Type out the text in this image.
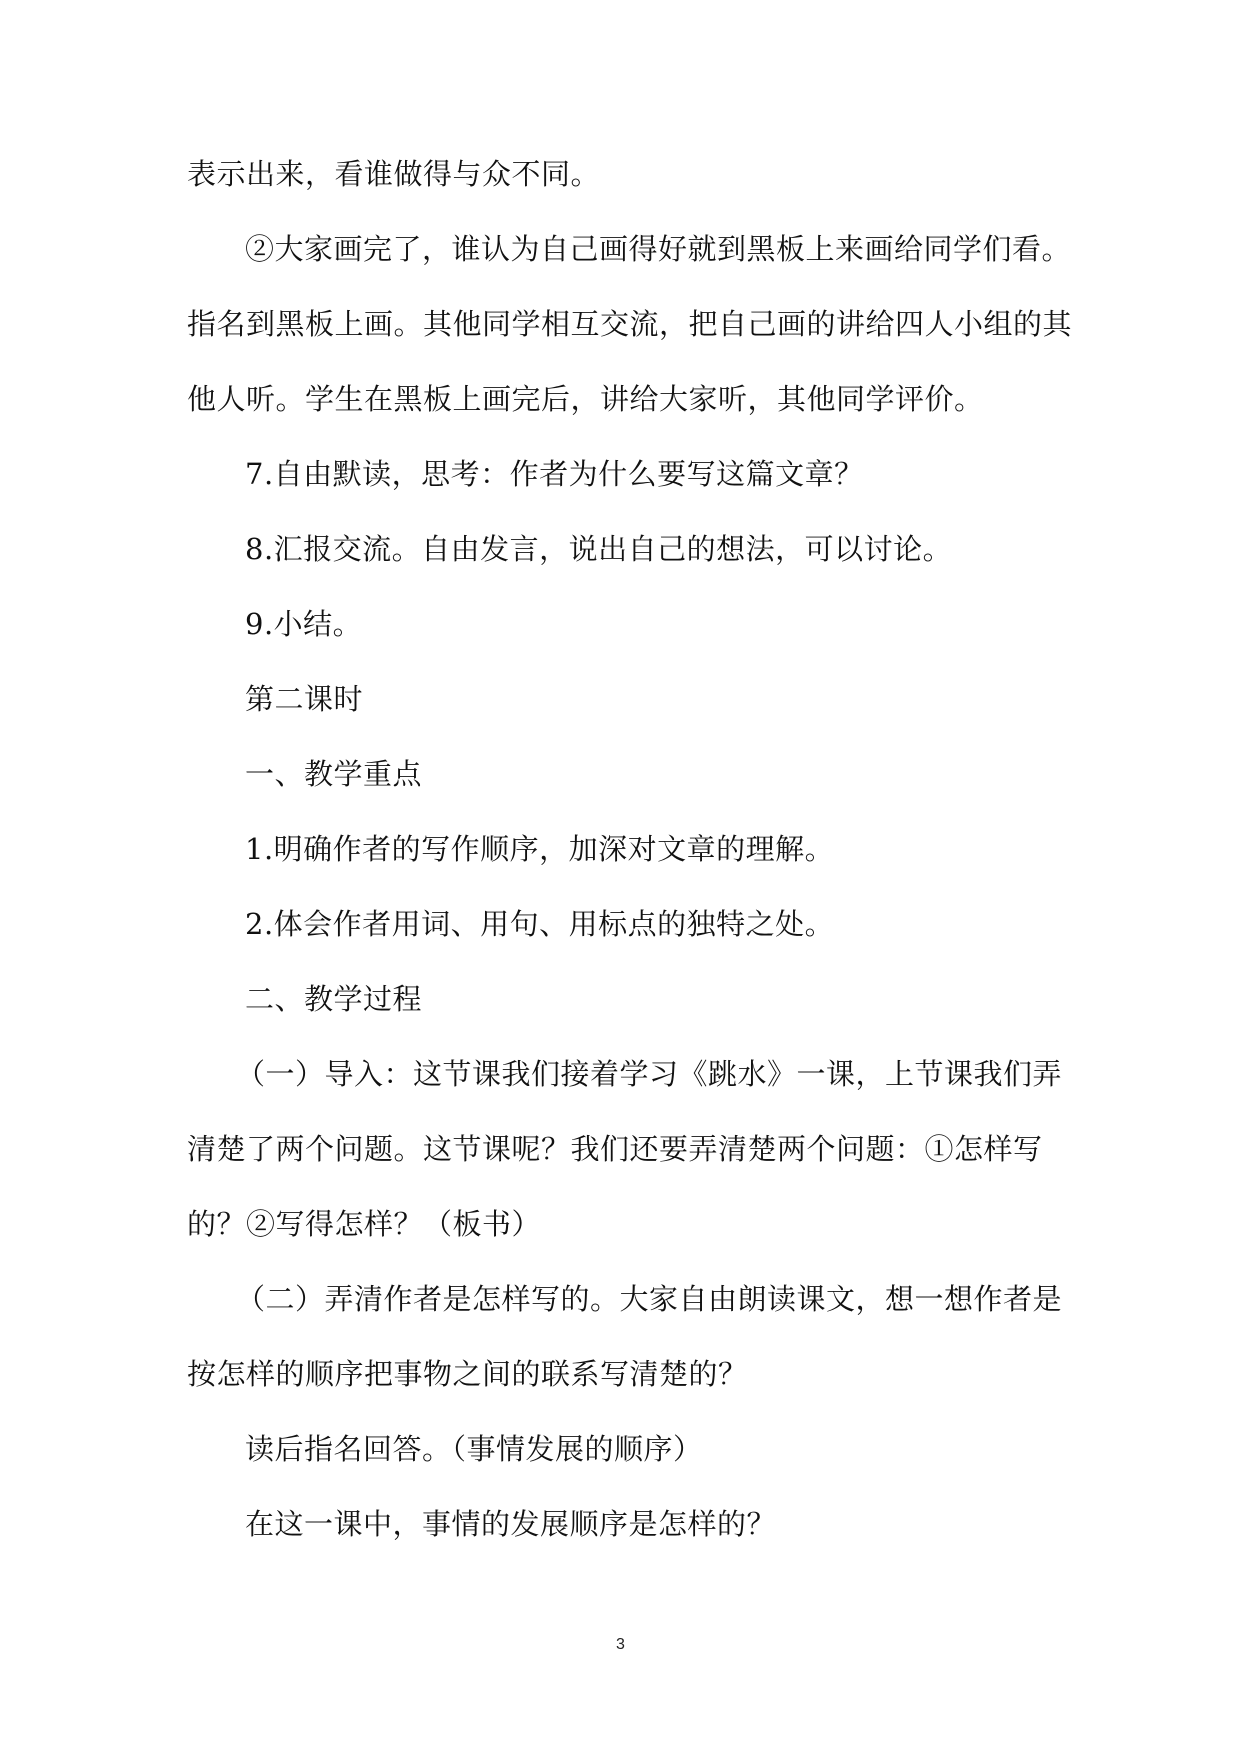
表示出来，看谁做得与众不同。
②大家画完了，谁认为自己画得好就到黑板上来画给同学们看。
指名到黑板上画。其他同学相互交流，把自己画的讲给四人小组的其
他人听。学生在黑板上画完后，讲给大家听，其他同学评价。
7.自由默读，思考：作者为什么要写这篇文章？
8.汇报交流。自由发言，说出自己的想法，可以讨论。
9.小结。
第二课时
一、教学重点
1.明确作者的写作顺序，加深对文章的理解。
2.体会作者用词、用句、用标点的独特之处。
二、教学过程
（一）导入：这节课我们接着学习《跳水》一课，上节课我们弄
清楚了两个问题。这节课呢？我们还要弄清楚两个问题：①怎样写
的？②写得怎样？（板书）
（二）弄清作者是怎样写的。大家自由朗读课文，想一想作者是
按怎样的顺序把事物之间的联系写清楚的？
读后指名回答。（事情发展的顺序）
在这一课中，事情的发展顺序是怎样的？
3
